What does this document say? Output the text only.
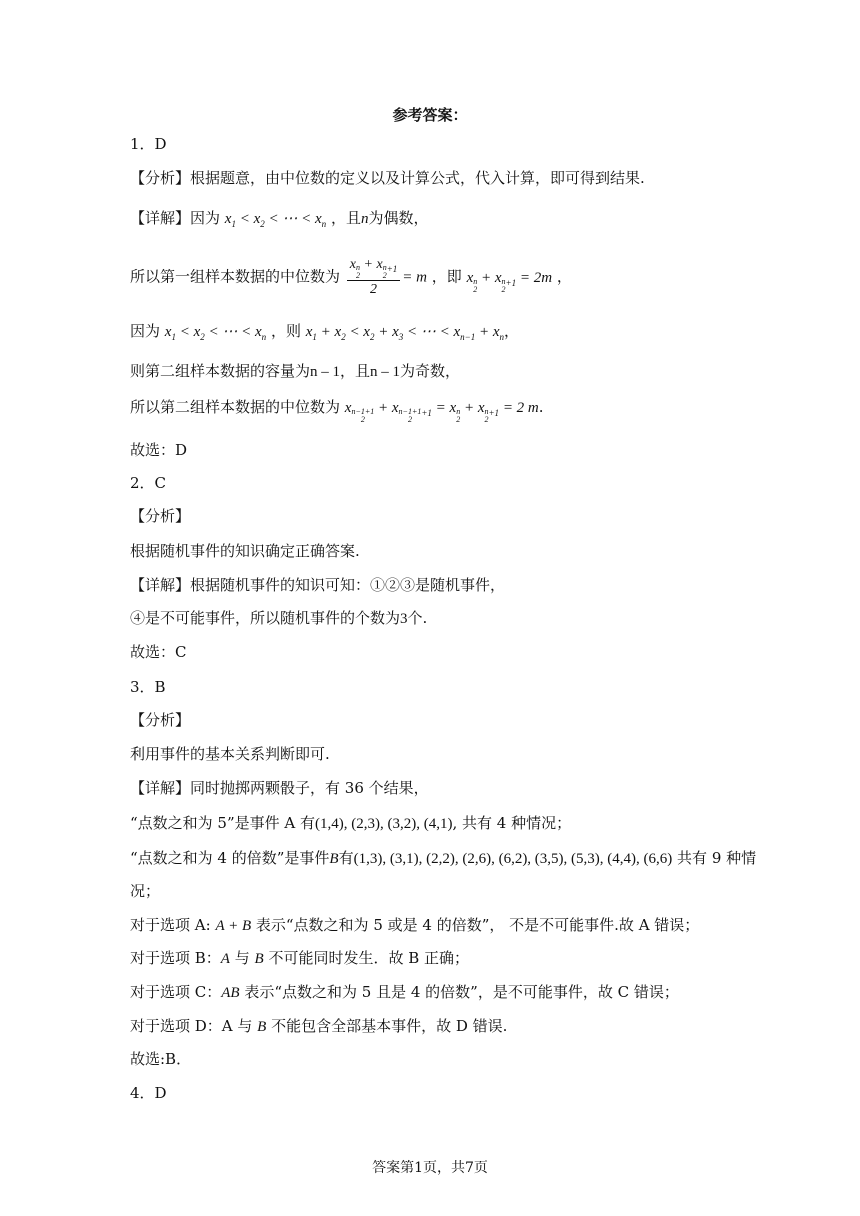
参考答案：
1．D
【分析】根据题意，由中位数的定义以及计算公式，代入计算，即可得到结果.
【详解】因为 $x_1 < x_2$ < ⋯ < $x_n$ ，且n为偶数，
所以第一组样本数据的中位数为
xn
2 + xn
$2_{+1}$
2
= m ，即 xn
2 + xn
$2_{+1} = 2m$ ，
因为 $x_1 < x_2$ < ⋯ < $x_n$ ，则 $x_1 + x_2 < x_2 + x_3$ < ⋯ < $x_{n-1} + x_n$，
则第二组样本数据的容量为n – 1，且n – 1为奇数，
所以第二组样本数据的中位数为 xn−1+1
2 + xn−1+1
$2_{+1}$ = xn
2 + xn
$2_{+1} = 2$ m.
故选：D
2．C
【分析】
根据随机事件的知识确定正确答案.
【详解】根据随机事件的知识可知：①②③是随机事件，
④是不可能事件，所以随机事件的个数为3个.
故选：C
3．B
【分析】
利用事件的基本关系判断即可.
【详解】同时抛掷两颗骰子，有 36 个结果，
“点数之和为 5”是事件 A 有(1,4), (2,3), (3,2), (4,1), 共有 4 种情况；
“点数之和为 4 的倍数”是事件B有(1,3), (3,1), (2,2), (2,6), (6,2), (3,5), (5,3), (4,4), (6,6) 共有 9 种情
况；
对于选项 A: A + B 表示“点数之和为 5 或是 4 的倍数”， 不是不可能事件.故 A 错误；
对于选项 B：A 与 B 不可能同时发生．故 B 正确；
对于选项 C：AB 表示“点数之和为 5 且是 4 的倍数”，是不可能事件，故 C 错误；
对于选项 D：A 与 B 不能包含全部基本事件，故 D 错误.
故选:B．
4．D
答案第1页，共7页
